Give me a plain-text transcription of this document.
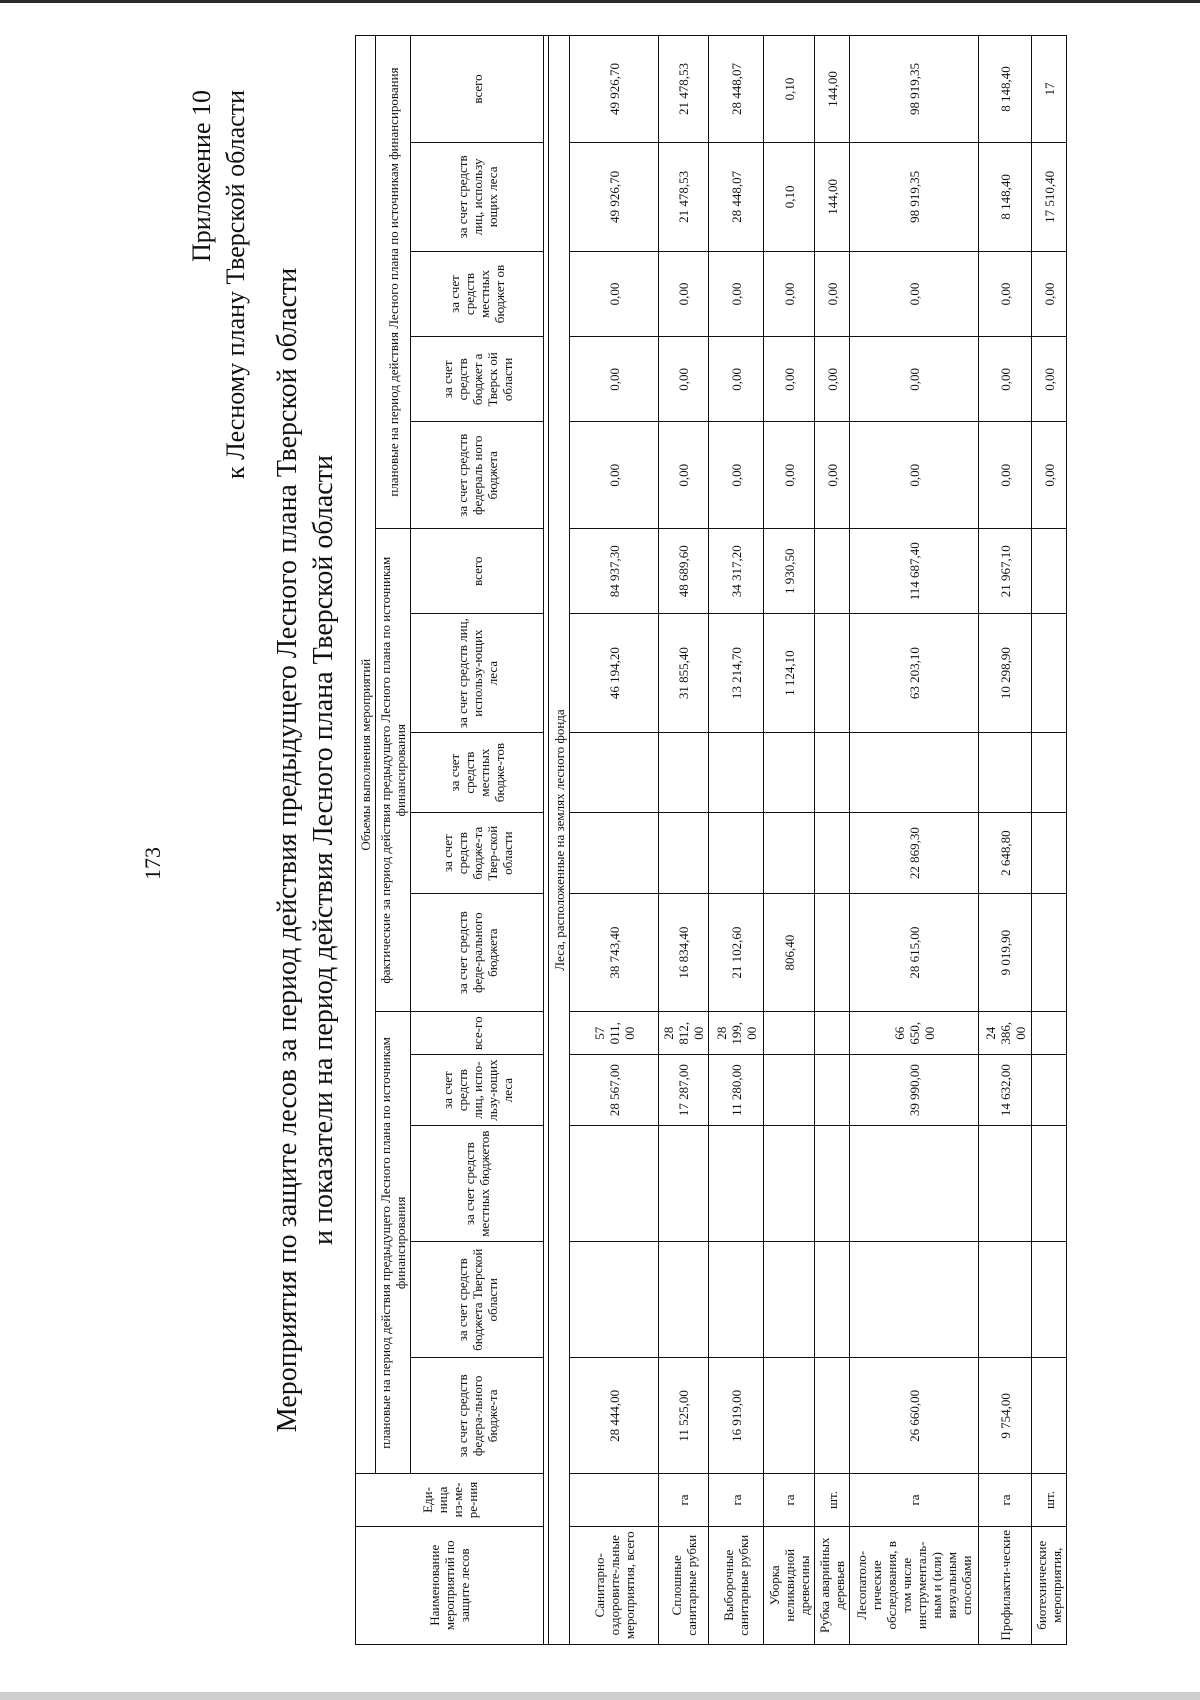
173
Приложение 10 к Лесному плану Тверской области Мероприятия по защите лесов за период действия предыдущего Лесного плана Тверской области и показатели на период действия Лесного плана Тверской области
Наименование мероприятий по защите лесов	Еди-ница из-ме-ре-ния	Объемы выполнения мероприятий														
		плановые на период действия предыдущего Лесного плана по источникам финансирования					фактические за период действия предыдущего Лесного плана по источникам финансирования					плановые на период действия Лесного плана по источникам финансирования				
		за счет средств федера-льного бюдже-та	за счет средств бюджета Тверской области	за счет средств местных бюджетов	за счет средств лиц, испо-льзу-ющих леса	все-го	за счет средств феде-рального бюджета	за счет средств бюдже-та Твер-ской области	за счет средств местных бюдже-тов	за счет средств лиц, использу-ющих леса	всего	за счет средств федераль ного бюджета	за счет средств бюджет а Тверск ой области	за счет средств местных бюджет ов	за счет средств лиц, использу ющих леса	всего

Леса, расположенные на землях лесного фонда																
Санитарно-оздоровите-льные мероприятия, всего		28 444,00			28 567,00	57 011, 00	38 743,40			46 194,20	84 937,30	0,00	0,00	0,00	49 926,70	49 926,70
Сплошные санитарные рубки	га	11 525,00			17 287,00	28 812, 00	16 834,40			31 855,40	48 689,60	0,00	0,00	0,00	21 478,53	21 478,53
Выборочные санитарные рубки	га	16 919,00			11 280,00	28 199, 00	21 102,60			13 214,70	34 317,20	0,00	0,00	0,00	28 448,07	28 448,07
Уборка неликвидной древесины	га						806,40			1 124,10	1 930,50	0,00	0,00	0,00	0,10	0,10
Рубка аварийных деревьев	шт.											0,00	0,00	0,00	144,00	144,00
Лесопатоло-гические обследования, в том числе инструменталь-ным и (или) визуальным способами	га	26 660,00			39 990,00	66 650, 00	28 615,00	22 869,30		63 203,10	114 687,40	0,00	0,00	0,00	98 919,35	98 919,35
Профилакти-ческие	га	9 754,00			14 632,00	24 386, 00	9 019,90	2 648,80		10 298,90	21 967,10	0,00	0,00	0,00	8 148,40	8 148,40
биотехнические мероприятия,	шт.											0,00	0,00	0,00	17 510,40	17
